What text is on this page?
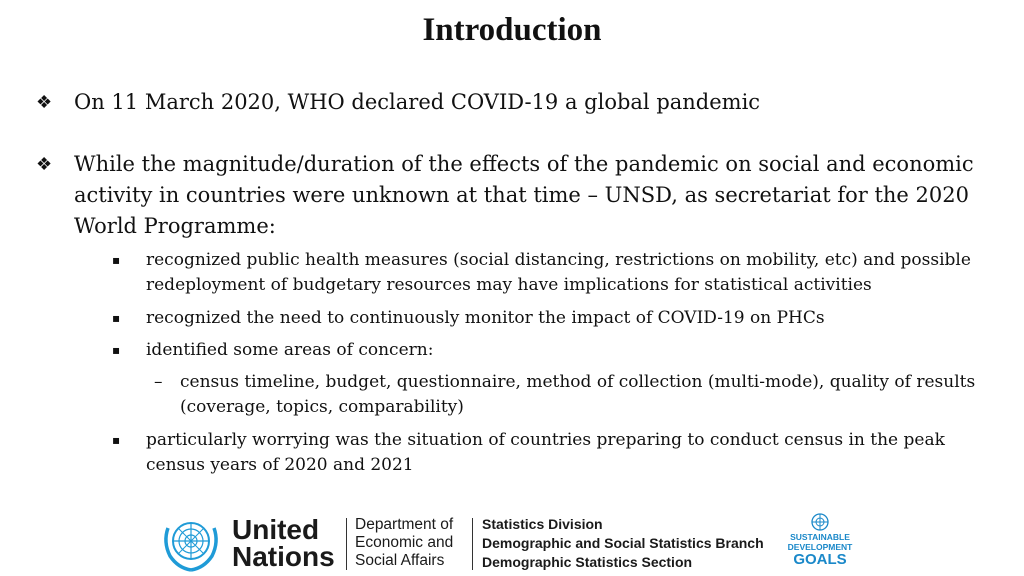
Introduction
❖ On 11 March 2020, WHO declared COVID-19 a global pandemic
❖ While the magnitude/duration of the effects of the pandemic on social and economic activity in countries were unknown at that time – UNSD, as secretariat for the 2020 World Programme:
▪ recognized public health measures (social distancing, restrictions on mobility, etc) and possible redeployment of budgetary resources may have implications for statistical activities
▪ recognized the need to continuously monitor the impact of COVID-19 on PHCs
▪ identified some areas of concern:
– census timeline, budget, questionnaire, method of collection (multi-mode), quality of results (coverage, topics, comparability)
▪ particularly worrying was the situation of countries preparing to conduct census in the peak census years of 2020 and 2021
United
Nations
Department of
Economic and
Social Affairs
Statistics Division
Demographic and Social Statistics Branch
Demographic Statistics Section
SUSTAINABLE
DEVELOPMENT
GOALS
